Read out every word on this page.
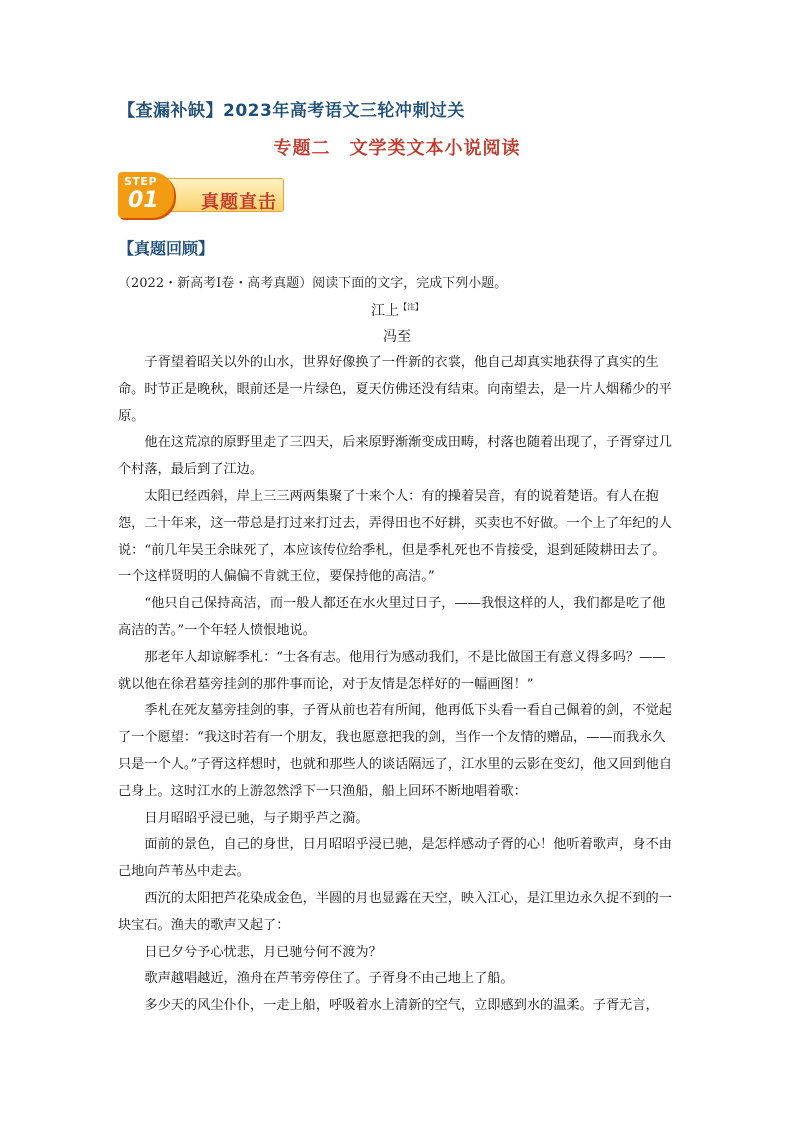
【查漏补缺】2023年高考语文三轮冲刺过关
专题二　文学类文本小说阅读
真题直击
STEP
01
【真题回顾】
（2022・新高考Ⅰ卷・高考真题）阅读下面的文字，完成下列小题。
江上$^{【注】}$
冯至

子胥望着昭关以外的山水，世界好像换了一件新的衣裳，他自己却真实地获得了真实的生命。时节正是晚秋，眼前还是一片绿色，夏天仿佛还没有结束。向南望去，是一片人烟稀少的平原。

他在这荒凉的原野里走了三四天，后来原野渐渐变成田畴，村落也随着出现了，子胥穿过几个村落，最后到了江边。

太阳已经西斜，岸上三三两两集聚了十来个人：有的操着吴音，有的说着楚语。有人在抱怨，二十年来，这一带总是打过来打过去，弄得田也不好耕，买卖也不好做。一个上了年纪的人说：“前几年吴王余昧死了，本应该传位给季札，但是季札死也不肯接受，退到延陵耕田去了。一个这样贤明的人偏偏不肯就王位，要保持他的高洁。”

“他只自己保持高洁，而一般人都还在水火里过日子，——我恨这样的人，我们都是吃了他高洁的苦。”一个年轻人愤恨地说。

那老年人却谅解季札：“士各有志。他用行为感动我们，不是比做国王有意义得多吗？——就以他在徐君墓旁挂剑的那件事而论，对于友情是怎样好的一幅画图！”

季札在死友墓旁挂剑的事，子胥从前也若有所闻，他再低下头看一看自己佩着的剑，不觉起了一个愿望：“我这时若有一个朋友，我也愿意把我的剑，当作一个友情的赠品，——而我永久只是一个人。”子胥这样想时，也就和那些人的谈话隔远了，江水里的云影在变幻，他又回到他自己身上。这时江水的上游忽然浮下一只渔船，船上回环不断地唱着歌：

日月昭昭乎浸已驰，与子期乎芦之漪。

面前的景色，自己的身世，日月昭昭乎浸已驰，是怎样感动子胥的心！他听着歌声，身不由己地向芦苇丛中走去。

西沉的太阳把芦花染成金色，半圆的月也显露在天空，映入江心，是江里边永久捉不到的一块宝石。渔夫的歌声又起了：

日已夕兮予心忧悲，月已驰兮何不渡为？

歌声越唱越近，渔舟在芦苇旁停住了。子胥身不由己地上了船。

多少天的风尘仆仆，一走上船，呼吸着水上清新的空气，立即感到水的温柔。子胥无言，
